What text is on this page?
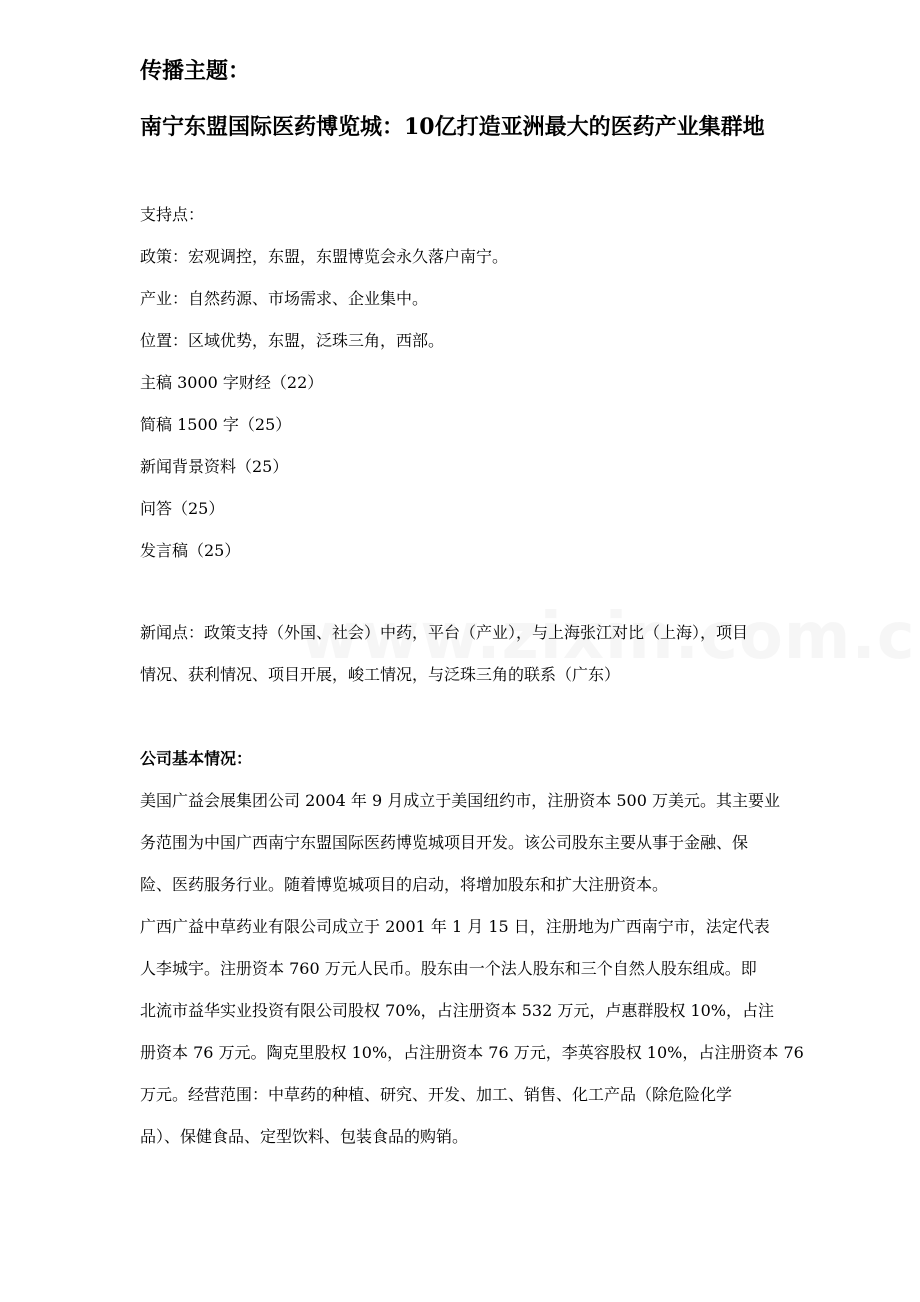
传播主题：
南宁东盟国际医药博览城：10亿打造亚洲最大的医药产业集群地
支持点：
政策：宏观调控，东盟，东盟博览会永久落户南宁。
产业：自然药源、市场需求、企业集中。
位置：区域优势，东盟，泛珠三角，西部。
主稿 3000 字财经（22）
简稿 1500 字（25）
新闻背景资料（25）
问答（25）
发言稿（25）
新闻点：政策支持（外国、社会）中药，平台（产业），与上海张江对比（上海），项目
情况、获利情况、项目开展，峻工情况，与泛珠三角的联系（广东）
公司基本情况：
美国广益会展集团公司 2004 年 9 月成立于美国纽约市，注册资本 500 万美元。其主要业
务范围为中国广西南宁东盟国际医药博览城项目开发。该公司股东主要从事于金融、保
险、医药服务行业。随着博览城项目的启动，将增加股东和扩大注册资本。
广西广益中草药业有限公司成立于 2001 年 1 月 15 日，注册地为广西南宁市，法定代表
人李城宇。注册资本 760 万元人民币。股东由一个法人股东和三个自然人股东组成。即
北流市益华实业投资有限公司股权 70%，占注册资本 532 万元，卢惠群股权 10%，占注
册资本 76 万元。陶克里股权 10%，占注册资本 76 万元，李英容股权 10%，占注册资本 76
万元。经营范围：中草药的种植、研究、开发、加工、销售、化工产品（除危险化学
品）、保健食品、定型饮料、包装食品的购销。
